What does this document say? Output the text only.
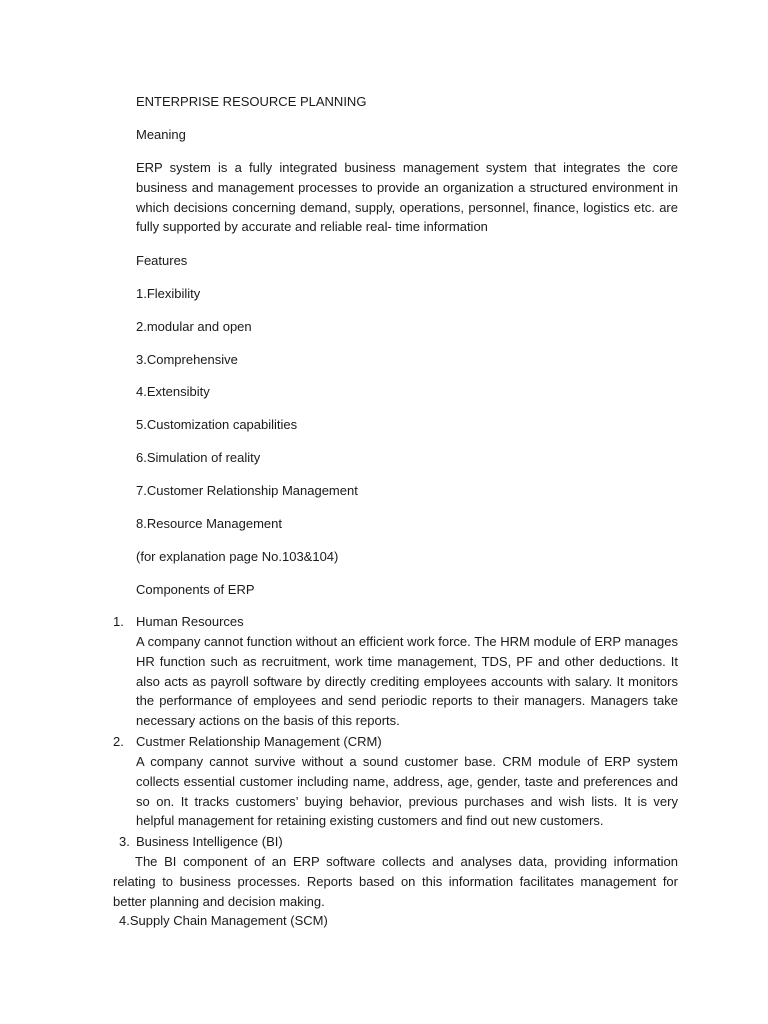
ENTERPRISE RESOURCE PLANNING

Meaning

ERP system is a fully integrated business management system that integrates the core business and management processes to provide an organization a structured environment in which decisions concerning demand, supply, operations, personnel, finance, logistics etc. are fully supported by accurate and reliable real- time information

Features

1.Flexibility

2.modular and open

3.Comprehensive

4.Extensibity

5.Customization capabilities

6.Simulation of reality

7.Customer Relationship Management

8.Resource Management

(for explanation page No.103&104)

Components of ERP

1. Human Resources

A company cannot function without an efficient work force. The HRM module of ERP manages HR function such as recruitment, work time management, TDS, PF and other deductions. It also acts as payroll software by directly crediting employees accounts with salary. It monitors the performance of employees and send periodic reports to their managers. Managers take necessary actions on the basis of this reports.

2. Custmer Relationship Management (CRM)

A company cannot survive without a sound customer base. CRM module of ERP system collects essential customer including name, address, age, gender, taste and preferences and so on. It tracks customers’ buying behavior, previous purchases and wish lists. It is very helpful management for retaining existing customers and find out new customers.

3. Business Intelligence (BI)

The BI component of an ERP software collects and analyses data, providing information relating to business processes. Reports based on this information facilitates management for better planning and decision making.

4.Supply Chain Management (SCM)
